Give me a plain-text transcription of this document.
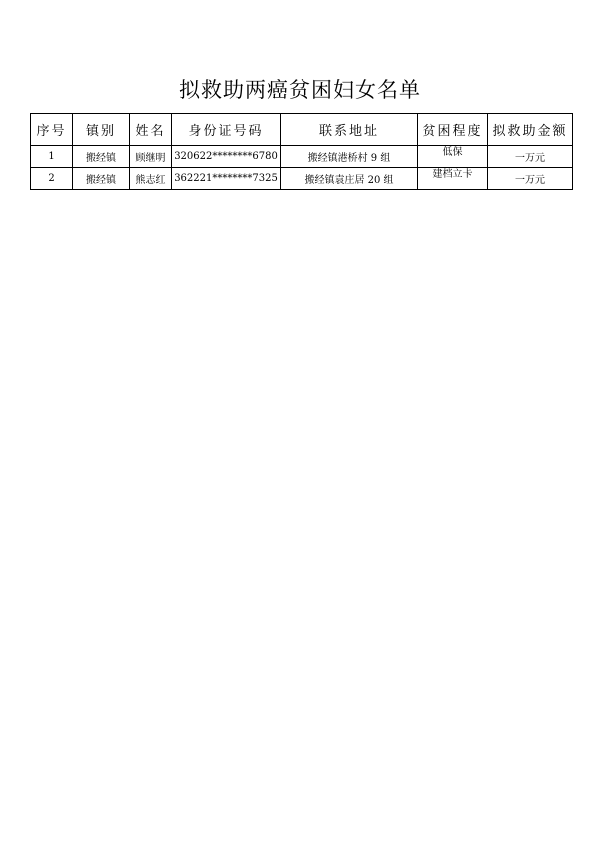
拟救助两癌贫困妇女名单
序号	镇别	姓名	身份证号码	联系地址	贫困程度	拟救助金额
1	搬经镇	顾继明	320622********6780	搬经镇港桥村 9 组	低保	一万元
2	搬经镇	熊志红	362221********7325	搬经镇袁庄居 20 组	建档立卡	一万元
